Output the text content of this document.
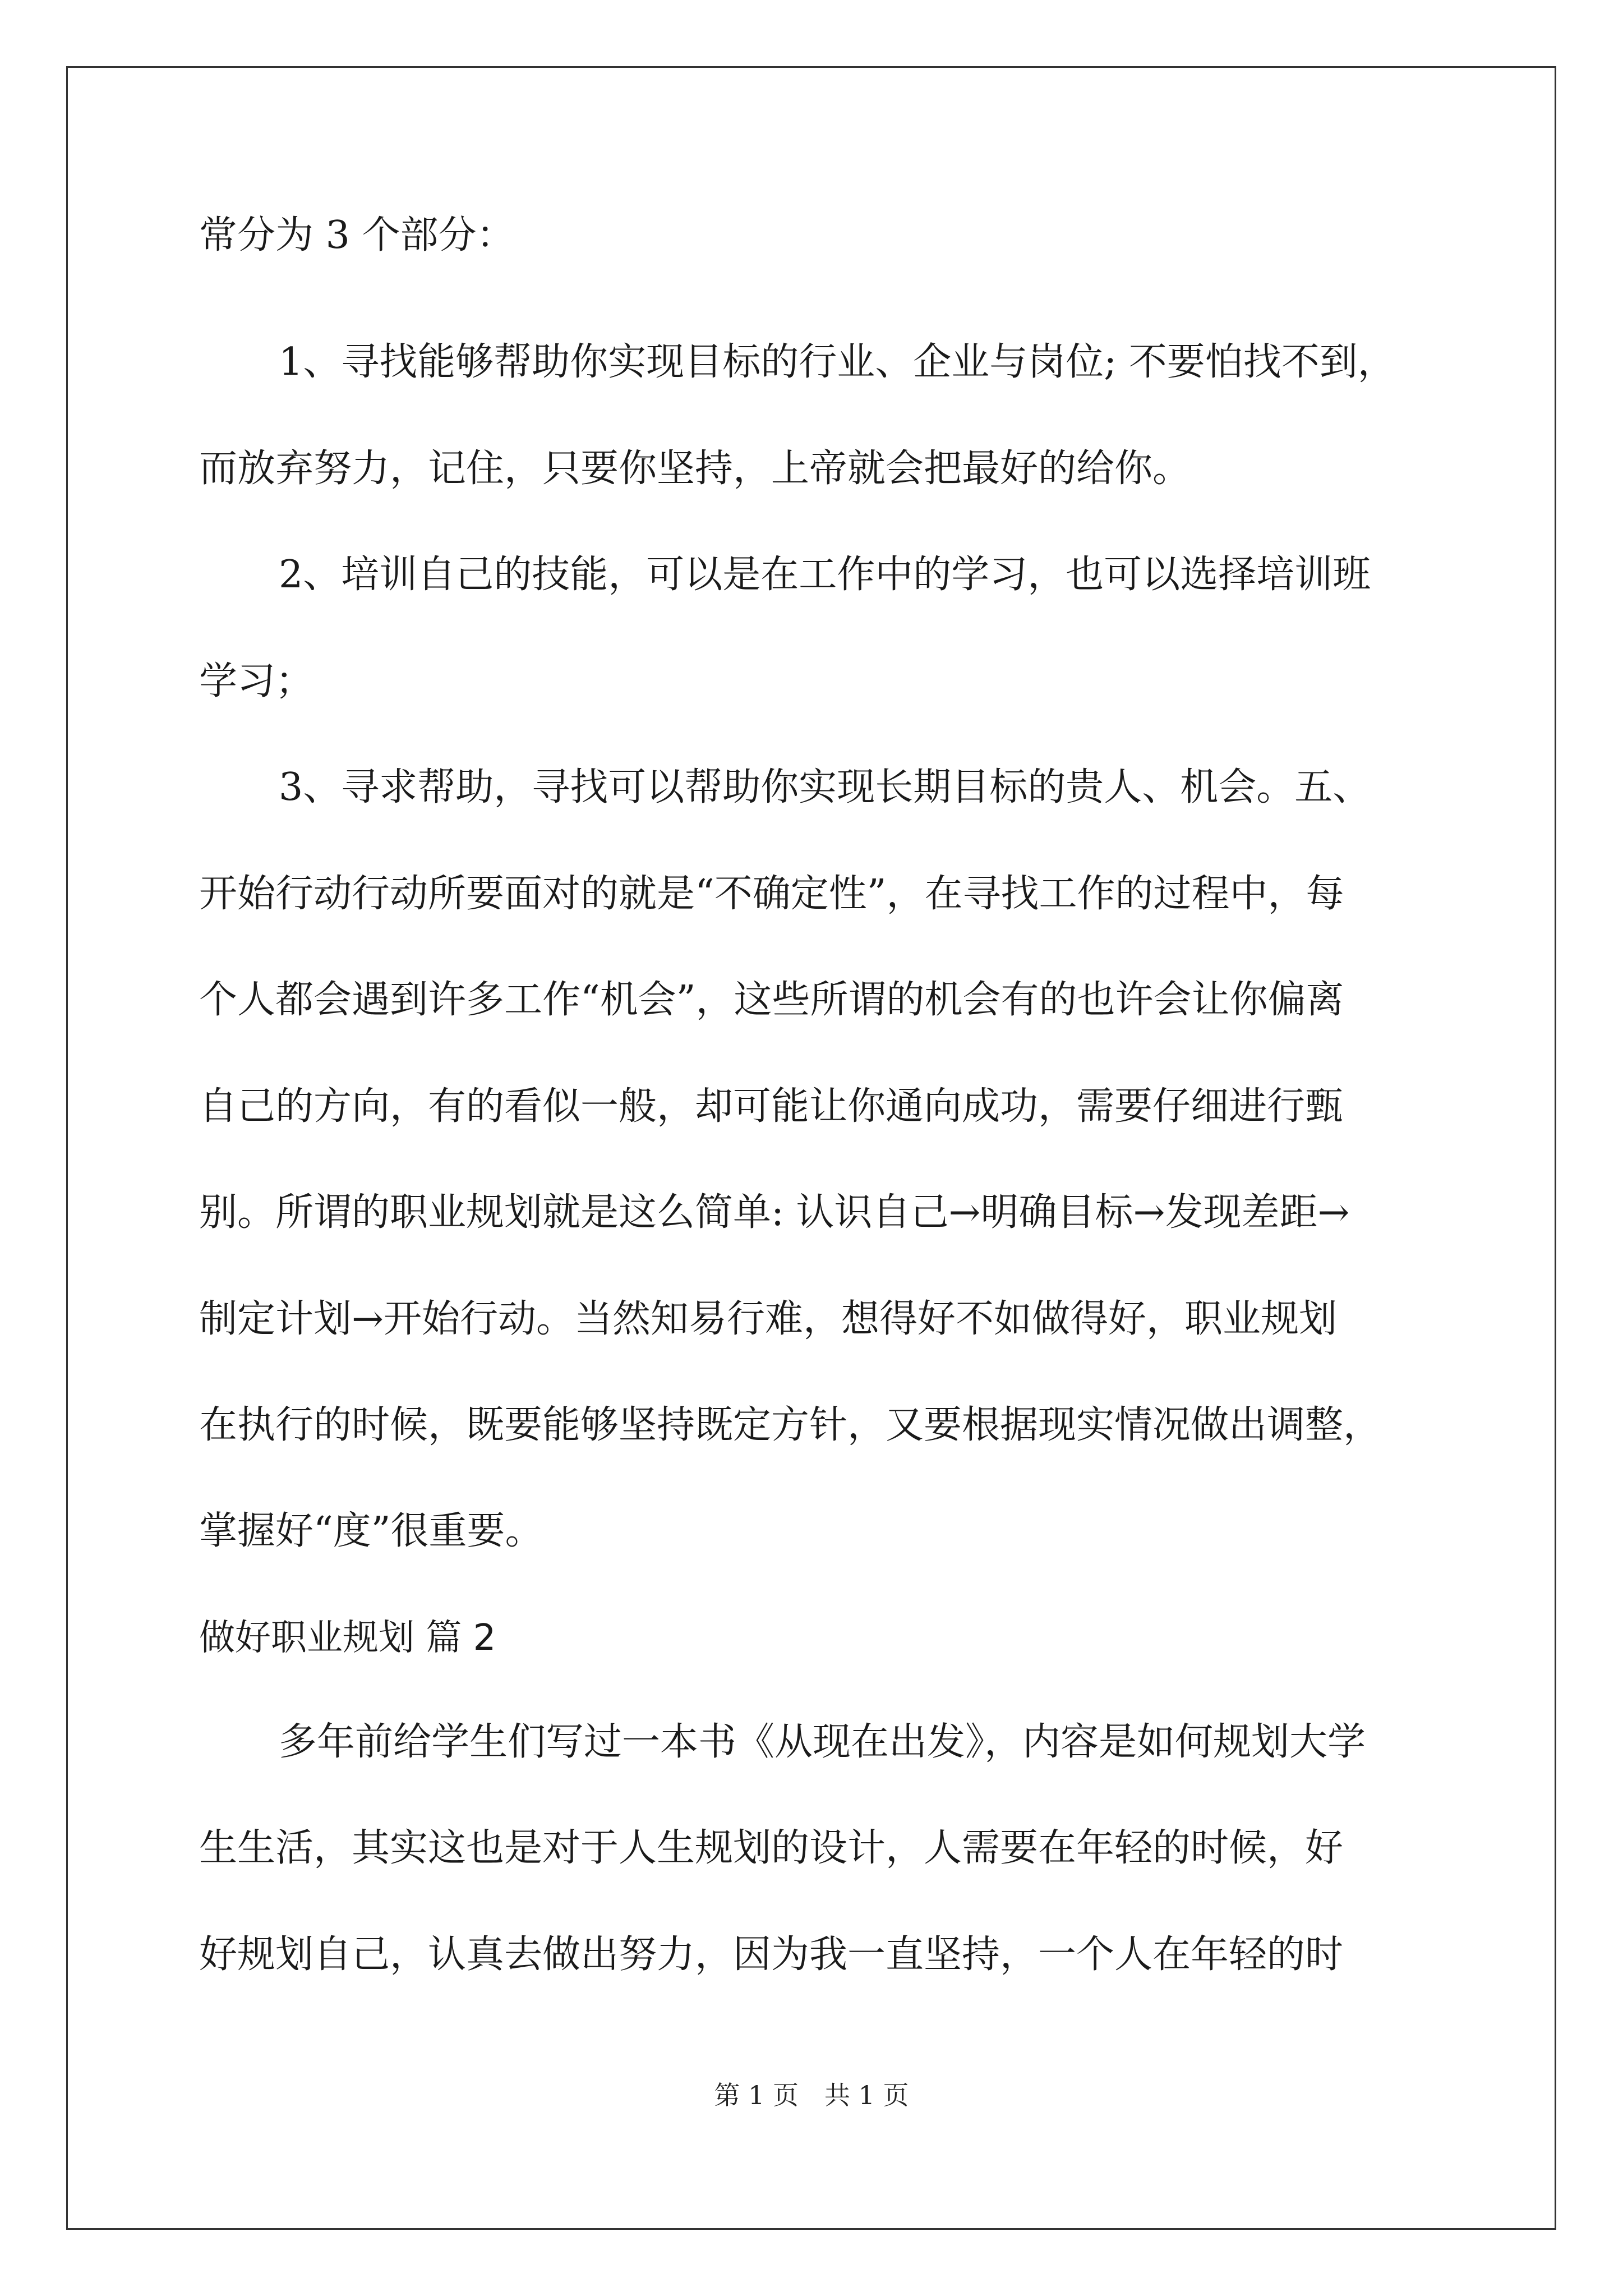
常分为 3 个部分：
1、寻找能够帮助你实现目标的行业、企业与岗位; 不要怕找不到，
而放弃努力，记住，只要你坚持，上帝就会把最好的给你。
2、培训自己的技能，可以是在工作中的学习，也可以选择培训班
学习；
3、寻求帮助，寻找可以帮助你实现长期目标的贵人、机会。五、
开始行动行动所要面对的就是“不确定性”，在寻找工作的过程中，每
个人都会遇到许多工作“机会”，这些所谓的机会有的也许会让你偏离
自己的方向，有的看似一般，却可能让你通向成功，需要仔细进行甄
别。所谓的职业规划就是这么简单: 认识自己→明确目标→发现差距→
制定计划→开始行动。当然知易行难，想得好不如做得好，职业规划
在执行的时候，既要能够坚持既定方针，又要根据现实情况做出调整，
掌握好“度”很重要。
做好职业规划 篇 2
多年前给学生们写过一本书《从现在出发》，内容是如何规划大学
生生活，其实这也是对于人生规划的设计，人需要在年轻的时候，好
好规划自己，认真去做出努力，因为我一直坚持，一个人在年轻的时
第 1 页　共 1 页
